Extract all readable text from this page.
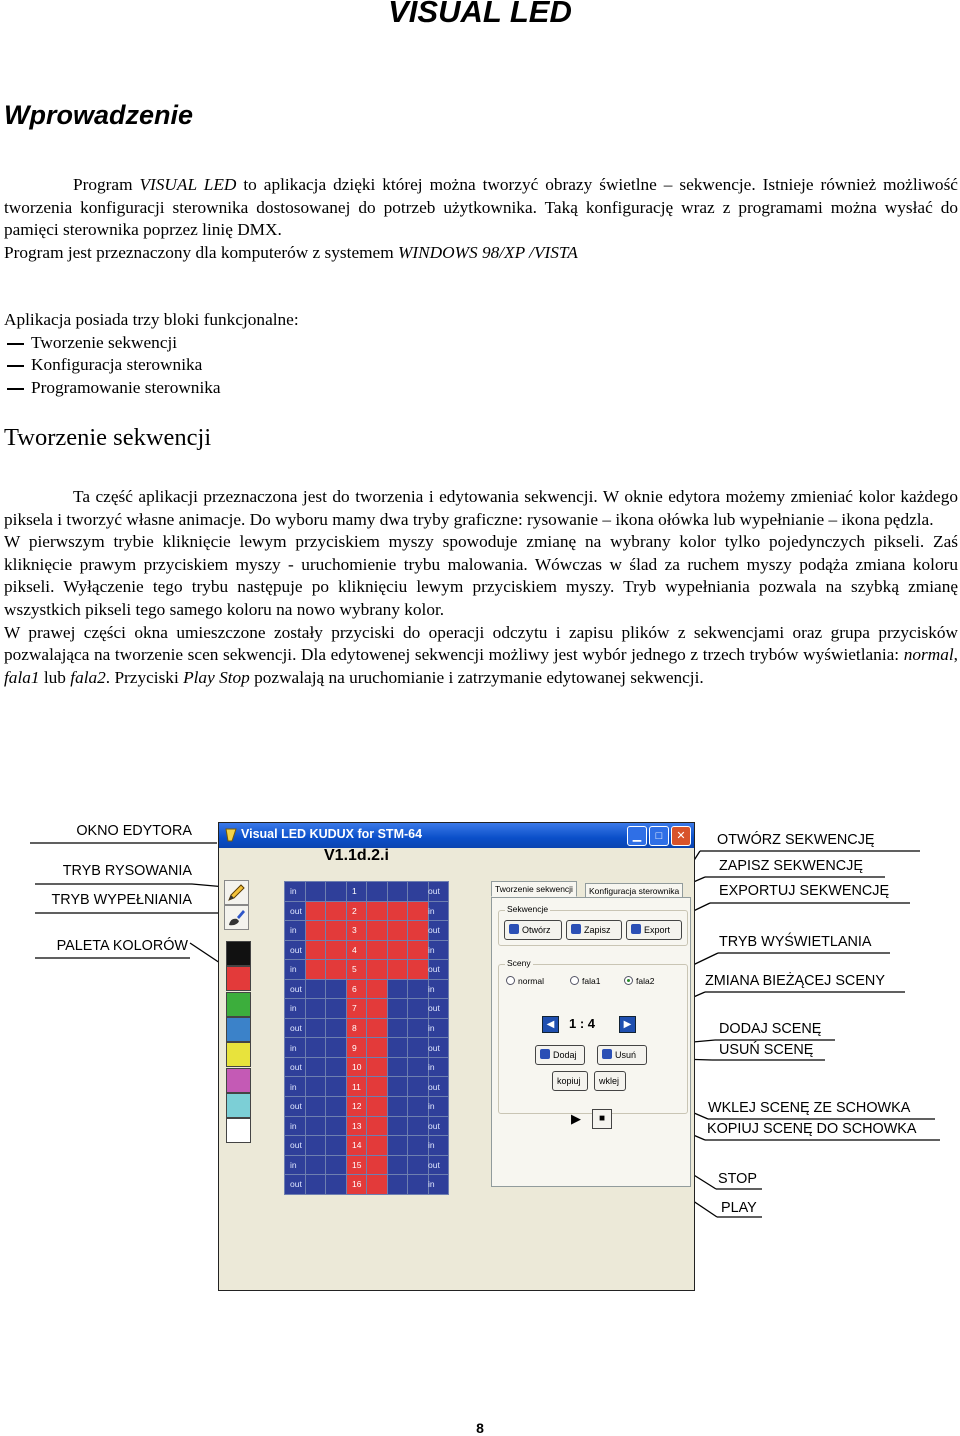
VISUAL LED
Wprowadzenie

Program VISUAL LED to aplikacja dzięki której można tworzyć obrazy świetlne – sekwencje. Istnieje również możliwość tworzenia konfiguracji sterownika dostosowanej do potrzeb użytkownika. Taką konfigurację wraz z programami można wysłać do pamięci sterownika poprzez linię DMX.

Program jest przeznaczony dla komputerów z systemem WINDOWS 98/XP /VISTA

Aplikacja posiada trzy bloki funkcjonalne:

Tworzenie sekwencji
Konfiguracja sterownika
Programowanie sterownika
Tworzenie sekwencji

Ta część aplikacji przeznaczona jest do tworzenia i edytowania sekwencji. W oknie edytora możemy zmieniać kolor każdego piksela i tworzyć własne animacje. Do wyboru mamy dwa tryby graficzne: rysowanie – ikona ołówka lub wypełnianie – ikona pędzla.

W pierwszym trybie kliknięcie lewym przyciskiem myszy spowoduje zmianę na wybrany kolor tylko pojedynczych pikseli. Zaś kliknięcie prawym przyciskiem myszy - uruchomienie trybu malowania. Wówczas w ślad za ruchem myszy podąża zmiana koloru pikseli. Wyłączenie tego trybu następuje po kliknięciu lewym przyciskiem myszy. Tryb wypełniania pozwala na szybką zmianę wszystkich pikseli tego samego koloru na nowo wybrany kolor.

W prawej części okna umieszczone zostały przyciski do operacji odczytu i zapisu plików z sekwencjami oraz grupa przycisków pozwalająca na tworzenie scen sekwencji. Dla edytowenej sekwencji możliwy jest wybór jednego z trzech trybów wyświetlania: normal, fala1 lub fala2. Przyciski Play Stop pozwalają na uruchomianie i zatrzymanie edytowanej sekwencji.

OKNO EDYTORA
TRYB RYSOWANIA
TRYB WYPEŁNIANIA
PALETA KOLORÓW
OTWÓRZ SEKWENCJĘ
ZAPISZ SEKWENCJĘ
EXPORTUJ SEKWENCJĘ
TRYB WYŚWIETLANIA
ZMIANA BIEŻĄCEJ SCENY
DODAJ SCENĘ
USUŃ SCENĘ
WKLEJ SCENĘ ZE SCHOWKA
KOPIUJ SCENĘ DO SCHOWKA
STOP
PLAY
Visual LED KUDUX for STM-64	▁	□	✕
V1.1d.2.i

in	1	out
out	2	in
in	3	out
out	4	in
in	5	out
out	6	in
in	7	out
out	8	in
in	9	out
out	10	in
in	11	out
out	12	in
in	13	out
out	14	in
in	15	out
out	16	in
Tworzenie sekwencji	Konfiguracja sterownika
Sekwencje
Otwórz	Zapisz	Export
Sceny
normal	fala1	fala2
◀	1 : 4	▶
Dodaj	Usuń
kopiuj	wklej
▶	■
8
